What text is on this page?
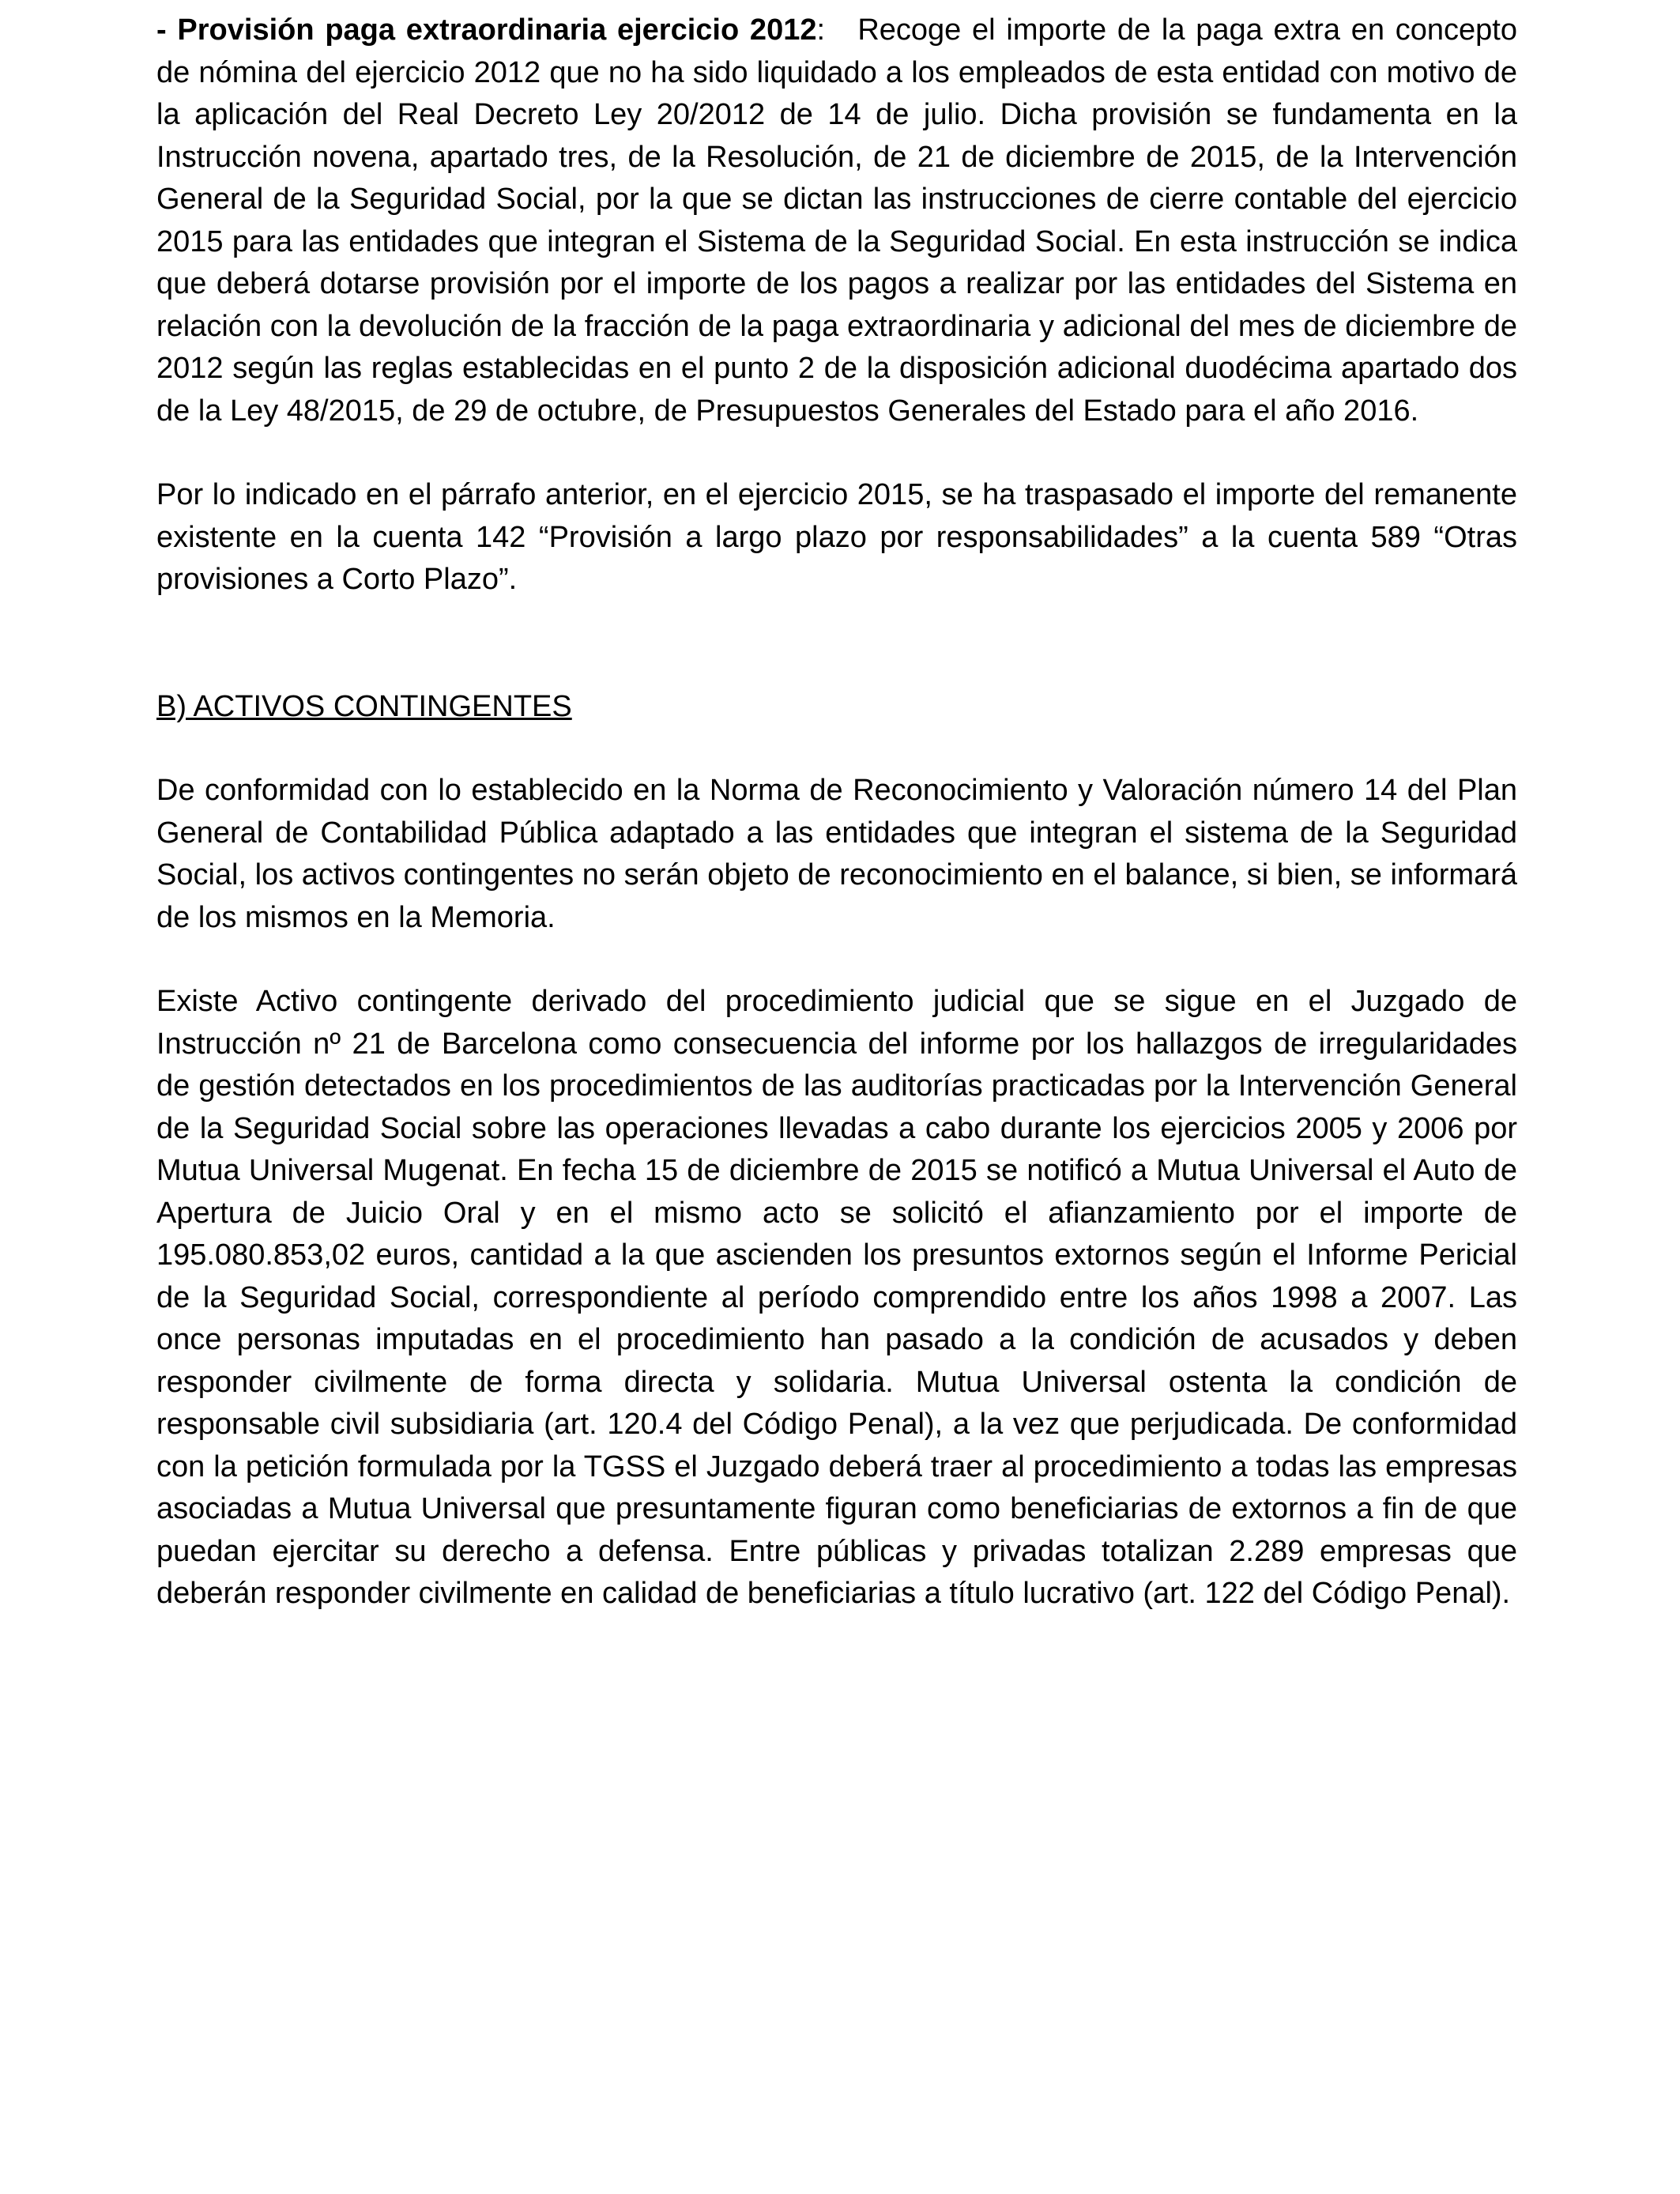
- Provisión paga extraordinaria ejercicio 2012: Recoge el importe de la paga extra en concepto de nómina del ejercicio 2012 que no ha sido liquidado a los empleados de esta entidad con motivo de la aplicación del Real Decreto Ley 20/2012 de 14 de julio. Dicha provisión se fundamenta en la Instrucción novena, apartado tres, de la Resolución, de 21 de diciembre de 2015, de la Intervención General de la Seguridad Social, por la que se dictan las instrucciones de cierre contable del ejercicio 2015 para las entidades que integran el Sistema de la Seguridad Social. En esta instrucción se indica que deberá dotarse provisión por el importe de los pagos a realizar por las entidades del Sistema en relación con la devolución de la fracción de la paga extraordinaria y adicional del mes de diciembre de 2012 según las reglas establecidas en el punto 2 de la disposición adicional duodécima apartado dos de la Ley 48/2015, de 29 de octubre, de Presupuestos Generales del Estado para el año 2016.

Por lo indicado en el párrafo anterior, en el ejercicio 2015, se ha traspasado el importe del remanente existente en la cuenta 142 “Provisión a largo plazo por responsabilidades” a la cuenta 589 “Otras provisiones a Corto Plazo”.

B) ACTIVOS CONTINGENTES

De conformidad con lo establecido en la Norma de Reconocimiento y Valoración número 14 del Plan General de Contabilidad Pública adaptado a las entidades que integran el sistema de la Seguridad Social, los activos contingentes no serán objeto de reconocimiento en el balance, si bien, se informará de los mismos en la Memoria.

Existe Activo contingente derivado del procedimiento judicial que se sigue en el Juzgado de Instrucción nº 21 de Barcelona como consecuencia del informe por los hallazgos de irregularidades de gestión detectados en los procedimientos de las auditorías practicadas por la Intervención General de la Seguridad Social sobre las operaciones llevadas a cabo durante los ejercicios 2005 y 2006 por Mutua Universal Mugenat. En fecha 15 de diciembre de 2015 se notificó a Mutua Universal el Auto de Apertura de Juicio Oral y en el mismo acto se solicitó el afianzamiento por el importe de 195.080.853,02 euros, cantidad a la que ascienden los presuntos extornos según el Informe Pericial de la Seguridad Social, correspondiente al período comprendido entre los años 1998 a 2007. Las once personas imputadas en el procedimiento han pasado a la condición de acusados y deben responder civilmente de forma directa y solidaria. Mutua Universal ostenta la condición de responsable civil subsidiaria (art. 120.4 del Código Penal), a la vez que perjudicada. De conformidad con la petición formulada por la TGSS el Juzgado deberá traer al procedimiento a todas las empresas asociadas a Mutua Universal que presuntamente figuran como beneficiarias de extornos a fin de que puedan ejercitar su derecho a defensa. Entre públicas y privadas totalizan 2.289 empresas que deberán responder civilmente en calidad de beneficiarias a título lucrativo (art. 122 del Código Penal).
